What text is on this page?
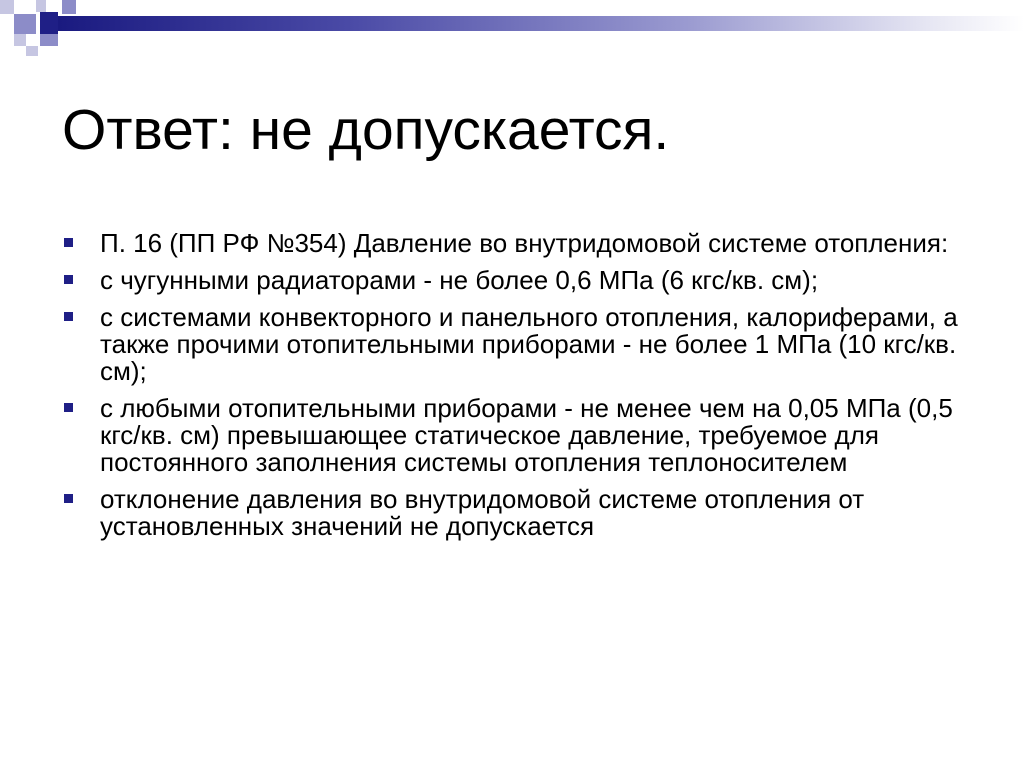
Ответ: не допускается.
П. 16 (ПП РФ №354) Давление во внутридомовой системе отопления:
с чугунными радиаторами - не более 0,6 МПа (6 кгс/кв. см);
с системами конвекторного и панельного отопления, калориферами, а также прочими отопительными приборами - не более 1 МПа (10 кгс/кв. см);
с любыми отопительными приборами - не менее чем на 0,05 МПа (0,5 кгс/кв. см) превышающее статическое давление, требуемое для постоянного заполнения системы отопления теплоносителем
отклонение давления во внутридомовой системе отопления от установленных значений не допускается
